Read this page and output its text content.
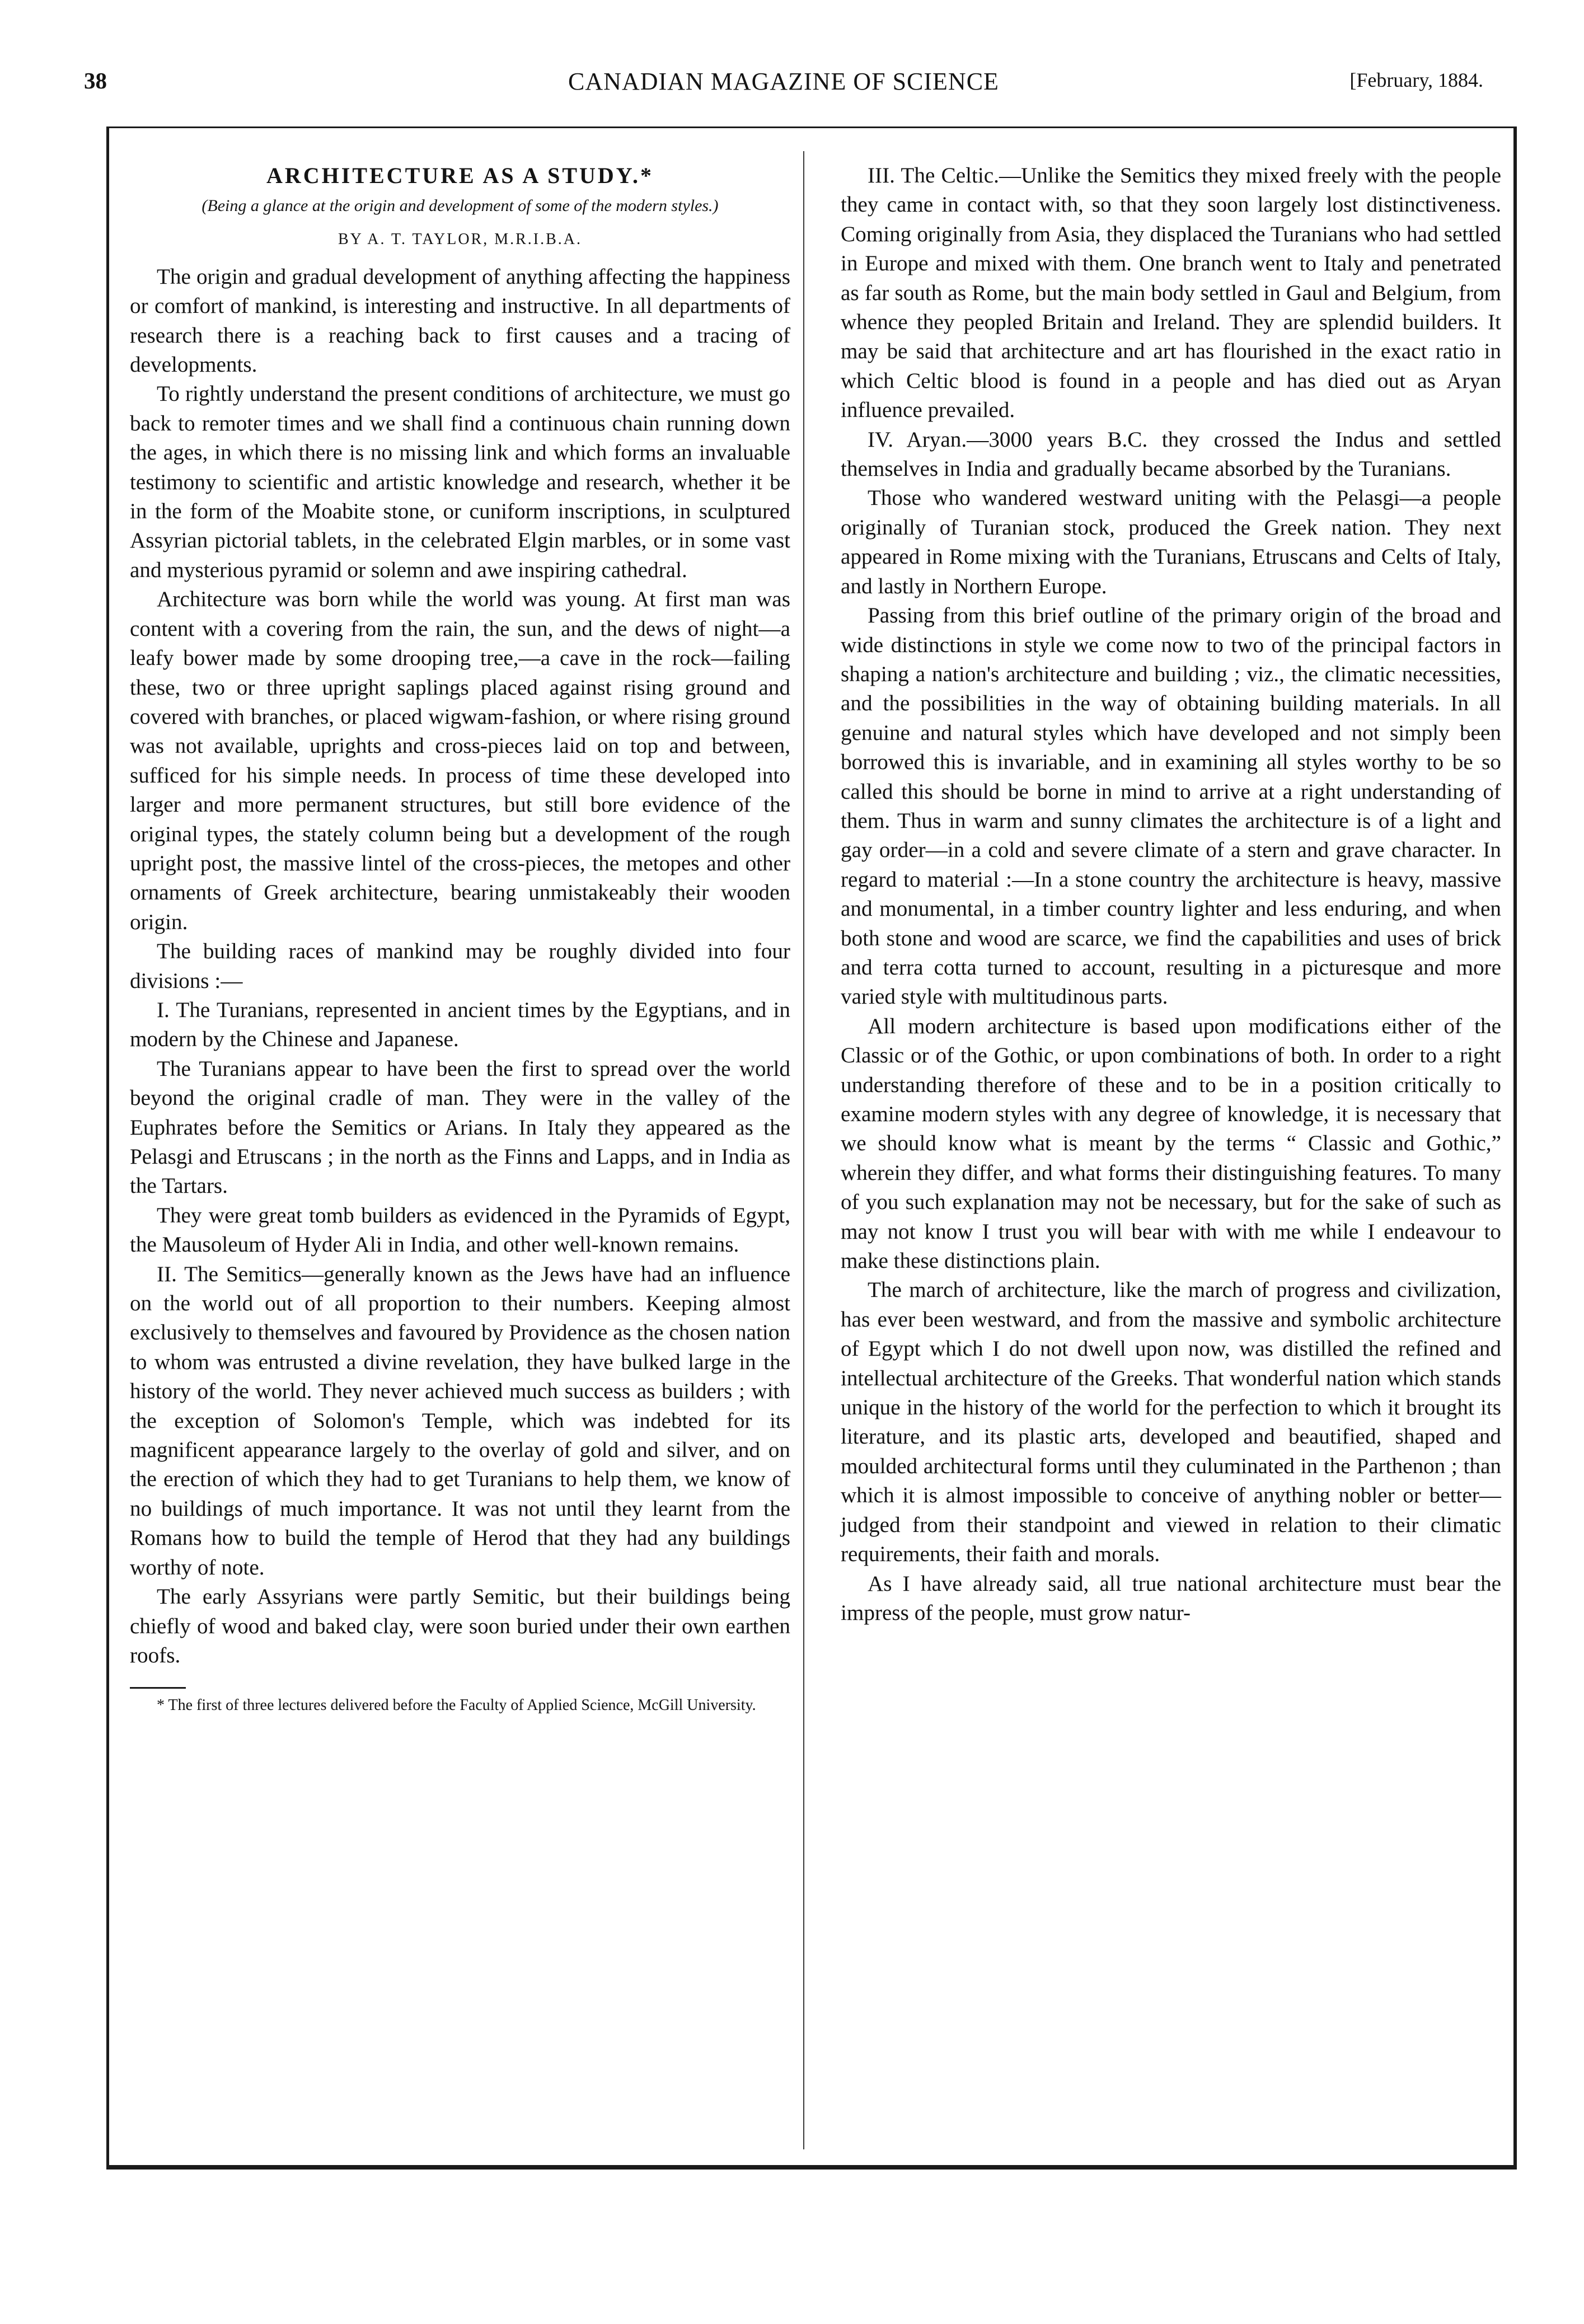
38	CANADIAN MAGAZINE OF SCIENCE	[February, 1884.
ARCHITECTURE AS A STUDY.*
(Being a glance at the origin and development of some of the modern styles.)
BY A. T. TAYLOR, M.R.I.B.A.

The origin and gradual development of anything affecting the happiness or comfort of mankind, is interesting and instructive. In all departments of research there is a reaching back to first causes and a tracing of developments.

To rightly understand the present conditions of architecture, we must go back to remoter times and we shall find a continuous chain running down the ages, in which there is no missing link and which forms an invaluable testimony to scientific and artistic knowledge and research, whether it be in the form of the Moabite stone, or cuniform inscriptions, in sculptured Assyrian pictorial tablets, in the celebrated Elgin marbles, or in some vast and mysterious pyramid or solemn and awe inspiring cathedral.

Architecture was born while the world was young. At first man was content with a covering from the rain, the sun, and the dews of night—a leafy bower made by some drooping tree,—a cave in the rock—failing these, two or three upright saplings placed against rising ground and covered with branches, or placed wigwam-fashion, or where rising ground was not available, uprights and cross-pieces laid on top and between, sufficed for his simple needs. In process of time these developed into larger and more permanent structures, but still bore evidence of the original types, the stately column being but a development of the rough upright post, the massive lintel of the cross-pieces, the metopes and other ornaments of Greek architecture, bearing unmistakeably their wooden origin.

The building races of mankind may be roughly divided into four divisions :—

I. The Turanians, represented in ancient times by the Egyptians, and in modern by the Chinese and Japanese.

The Turanians appear to have been the first to spread over the world beyond the original cradle of man. They were in the valley of the Euphrates before the Semitics or Arians. In Italy they appeared as the Pelasgi and Etruscans ; in the north as the Finns and Lapps, and in India as the Tartars.

They were great tomb builders as evidenced in the Pyramids of Egypt, the Mausoleum of Hyder Ali in India, and other well-known remains.

II. The Semitics—generally known as the Jews have had an influence on the world out of all proportion to their numbers. Keeping almost exclusively to themselves and favoured by Providence as the chosen nation to whom was entrusted a divine revelation, they have bulked large in the history of the world. They never achieved much success as builders ; with the exception of Solomon's Temple, which was indebted for its magnificent appearance largely to the overlay of gold and silver, and on the erection of which they had to get Turanians to help them, we know of no buildings of much importance. It was not until they learnt from the Romans how to build the temple of Herod that they had any buildings worthy of note.

The early Assyrians were partly Semitic, but their buildings being chiefly of wood and baked clay, were soon buried under their own earthen roofs.

* The first of three lectures delivered before the Faculty of Applied Science, McGill University.

III. The Celtic.—Unlike the Semitics they mixed freely with the people they came in contact with, so that they soon largely lost distinctiveness. Coming originally from Asia, they displaced the Turanians who had settled in Europe and mixed with them. One branch went to Italy and penetrated as far south as Rome, but the main body settled in Gaul and Belgium, from whence they peopled Britain and Ireland. They are splendid builders. It may be said that architecture and art has flourished in the exact ratio in which Celtic blood is found in a people and has died out as Aryan influence prevailed.

IV. Aryan.—3000 years B.C. they crossed the Indus and settled themselves in India and gradually became absorbed by the Turanians.

Those who wandered westward uniting with the Pelasgi—a people originally of Turanian stock, produced the Greek nation. They next appeared in Rome mixing with the Turanians, Etruscans and Celts of Italy, and lastly in Northern Europe.

Passing from this brief outline of the primary origin of the broad and wide distinctions in style we come now to two of the principal factors in shaping a nation's architecture and building ; viz., the climatic necessities, and the possibilities in the way of obtaining building materials. In all genuine and natural styles which have developed and not simply been borrowed this is invariable, and in examining all styles worthy to be so called this should be borne in mind to arrive at a right understanding of them. Thus in warm and sunny climates the architecture is of a light and gay order—in a cold and severe climate of a stern and grave character. In regard to material :—In a stone country the architecture is heavy, massive and monumental, in a timber country lighter and less enduring, and when both stone and wood are scarce, we find the capabilities and uses of brick and terra cotta turned to account, resulting in a picturesque and more varied style with multitudinous parts.

All modern architecture is based upon modifications either of the Classic or of the Gothic, or upon combinations of both. In order to a right understanding therefore of these and to be in a position critically to examine modern styles with any degree of knowledge, it is necessary that we should know what is meant by the terms “ Classic and Gothic,” wherein they differ, and what forms their distinguishing features. To many of you such explanation may not be necessary, but for the sake of such as may not know I trust you will bear with with me while I endeavour to make these distinctions plain.

The march of architecture, like the march of progress and civilization, has ever been westward, and from the massive and symbolic architecture of Egypt which I do not dwell upon now, was distilled the refined and intellectual architecture of the Greeks. That wonderful nation which stands unique in the history of the world for the perfection to which it brought its literature, and its plastic arts, developed and beautified, shaped and moulded architectural forms until they culuminated in the Parthenon ; than which it is almost impossible to conceive of anything nobler or better—judged from their standpoint and viewed in relation to their climatic requirements, their faith and morals.

As I have already said, all true national architecture must bear the impress of the people, must grow natur-
